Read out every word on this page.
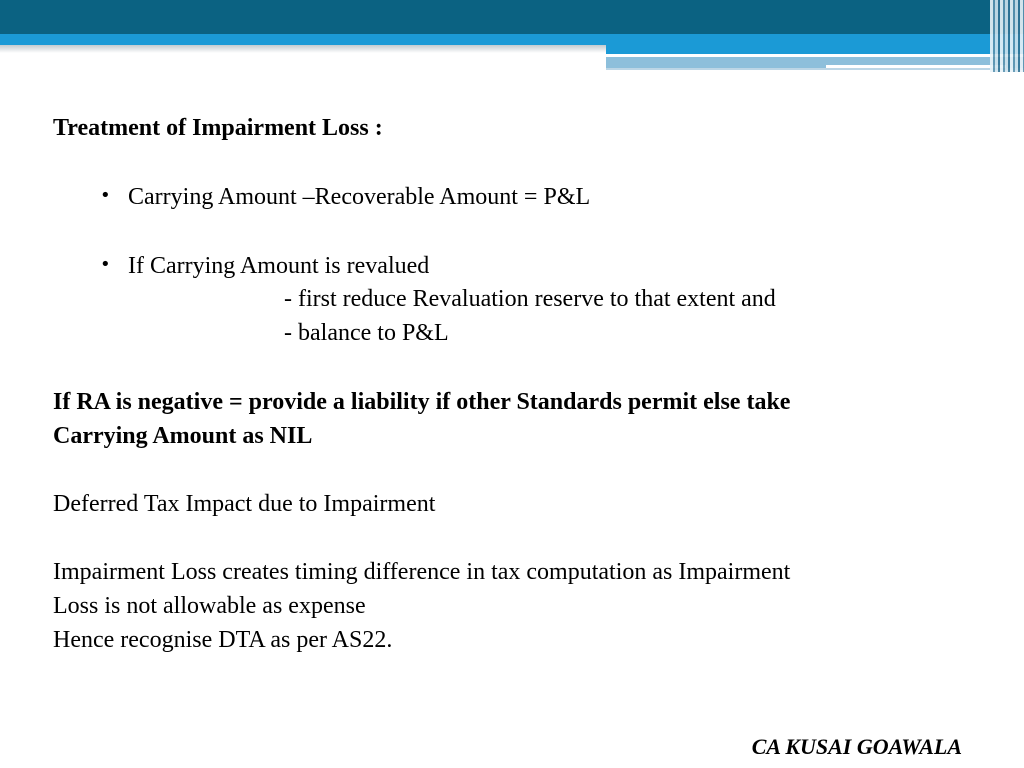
Treatment of Impairment Loss :
• Carrying Amount –Recoverable Amount = P&L
• If Carrying Amount is revalued
- first reduce Revaluation reserve to that extent and
- balance to P&L
If RA is negative = provide a liability if other Standards permit else take
Carrying Amount as NIL
Deferred Tax Impact due to Impairment
Impairment Loss creates timing difference in tax computation as Impairment
Loss is not allowable as expense
Hence recognise DTA as per AS22.
CA KUSAI GOAWALA
